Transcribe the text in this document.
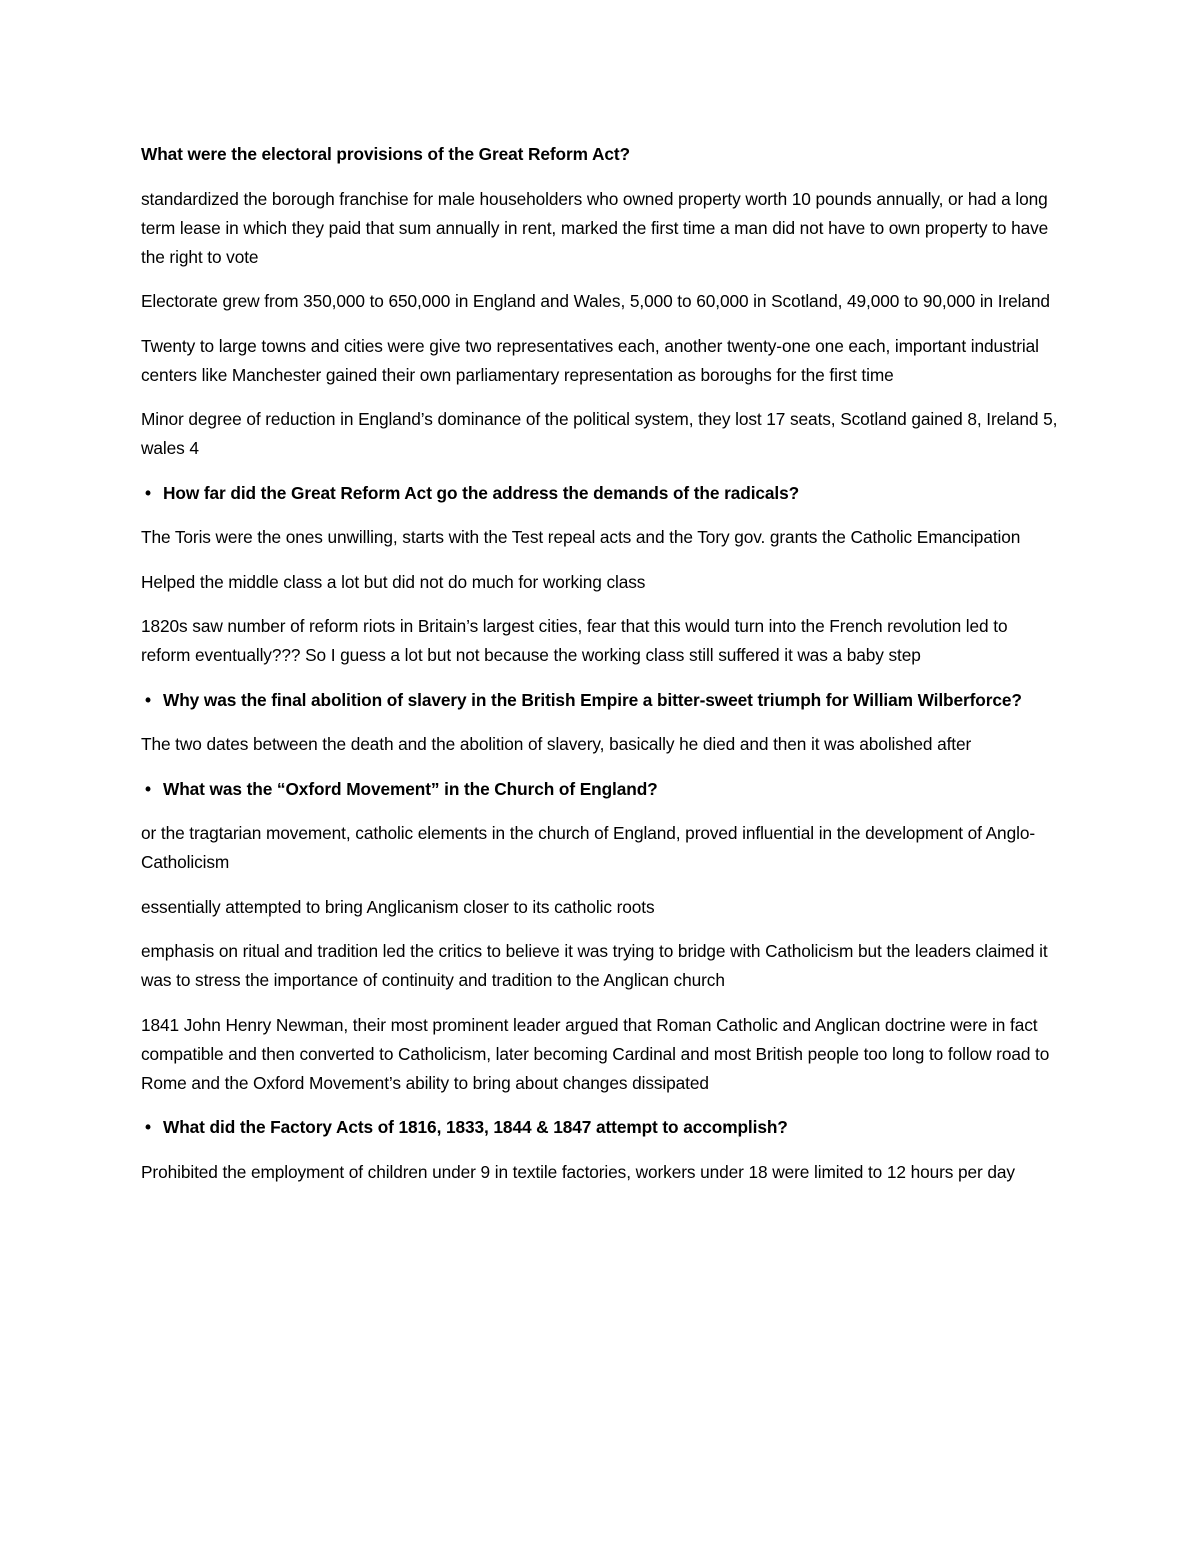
What were the electoral provisions of the Great Reform Act?

standardized the borough franchise for male householders who owned property worth 10 pounds annually, or had a long term lease in which they paid that sum annually in rent, marked the first time a man did not have to own property to have the right to vote

Electorate grew from 350,000 to 650,000 in England and Wales, 5,000 to 60,000 in Scotland, 49,000 to 90,000 in Ireland

Twenty to large towns and cities were give two representatives each, another twenty-one one each, important industrial centers like Manchester gained their own parliamentary representation as boroughs for the first time

Minor degree of reduction in England’s dominance of the political system, they lost 17 seats, Scotland gained 8, Ireland 5, wales 4

• How far did the Great Reform Act go the address the demands of the radicals?

The Toris were the ones unwilling, starts with the Test repeal acts and the Tory gov. grants the Catholic Emancipation

Helped the middle class a lot but did not do much for working class

1820s saw number of reform riots in Britain’s largest cities, fear that this would turn into the French revolution led to reform eventually??? So I guess a lot but not because the working class still suffered it was a baby step

• Why was the final abolition of slavery in the British Empire a bitter-sweet triumph for William Wilberforce?

The two dates between the death and the abolition of slavery, basically he died and then it was abolished after

• What was the “Oxford Movement” in the Church of England?

or the tragtarian movement, catholic elements in the church of England, proved influential in the development of Anglo-Catholicism

essentially attempted to bring Anglicanism closer to its catholic roots

emphasis on ritual and tradition led the critics to believe it was trying to bridge with Catholicism but the leaders claimed it was to stress the importance of continuity and tradition to the Anglican church

1841 John Henry Newman, their most prominent leader argued that Roman Catholic and Anglican doctrine were in fact compatible and then converted to Catholicism, later becoming Cardinal and most British people too long to follow road to Rome and the Oxford Movement’s ability to bring about changes dissipated

• What did the Factory Acts of 1816, 1833, 1844 & 1847 attempt to accomplish?

Prohibited the employment of children under 9 in textile factories, workers under 18 were limited to 12 hours per day
